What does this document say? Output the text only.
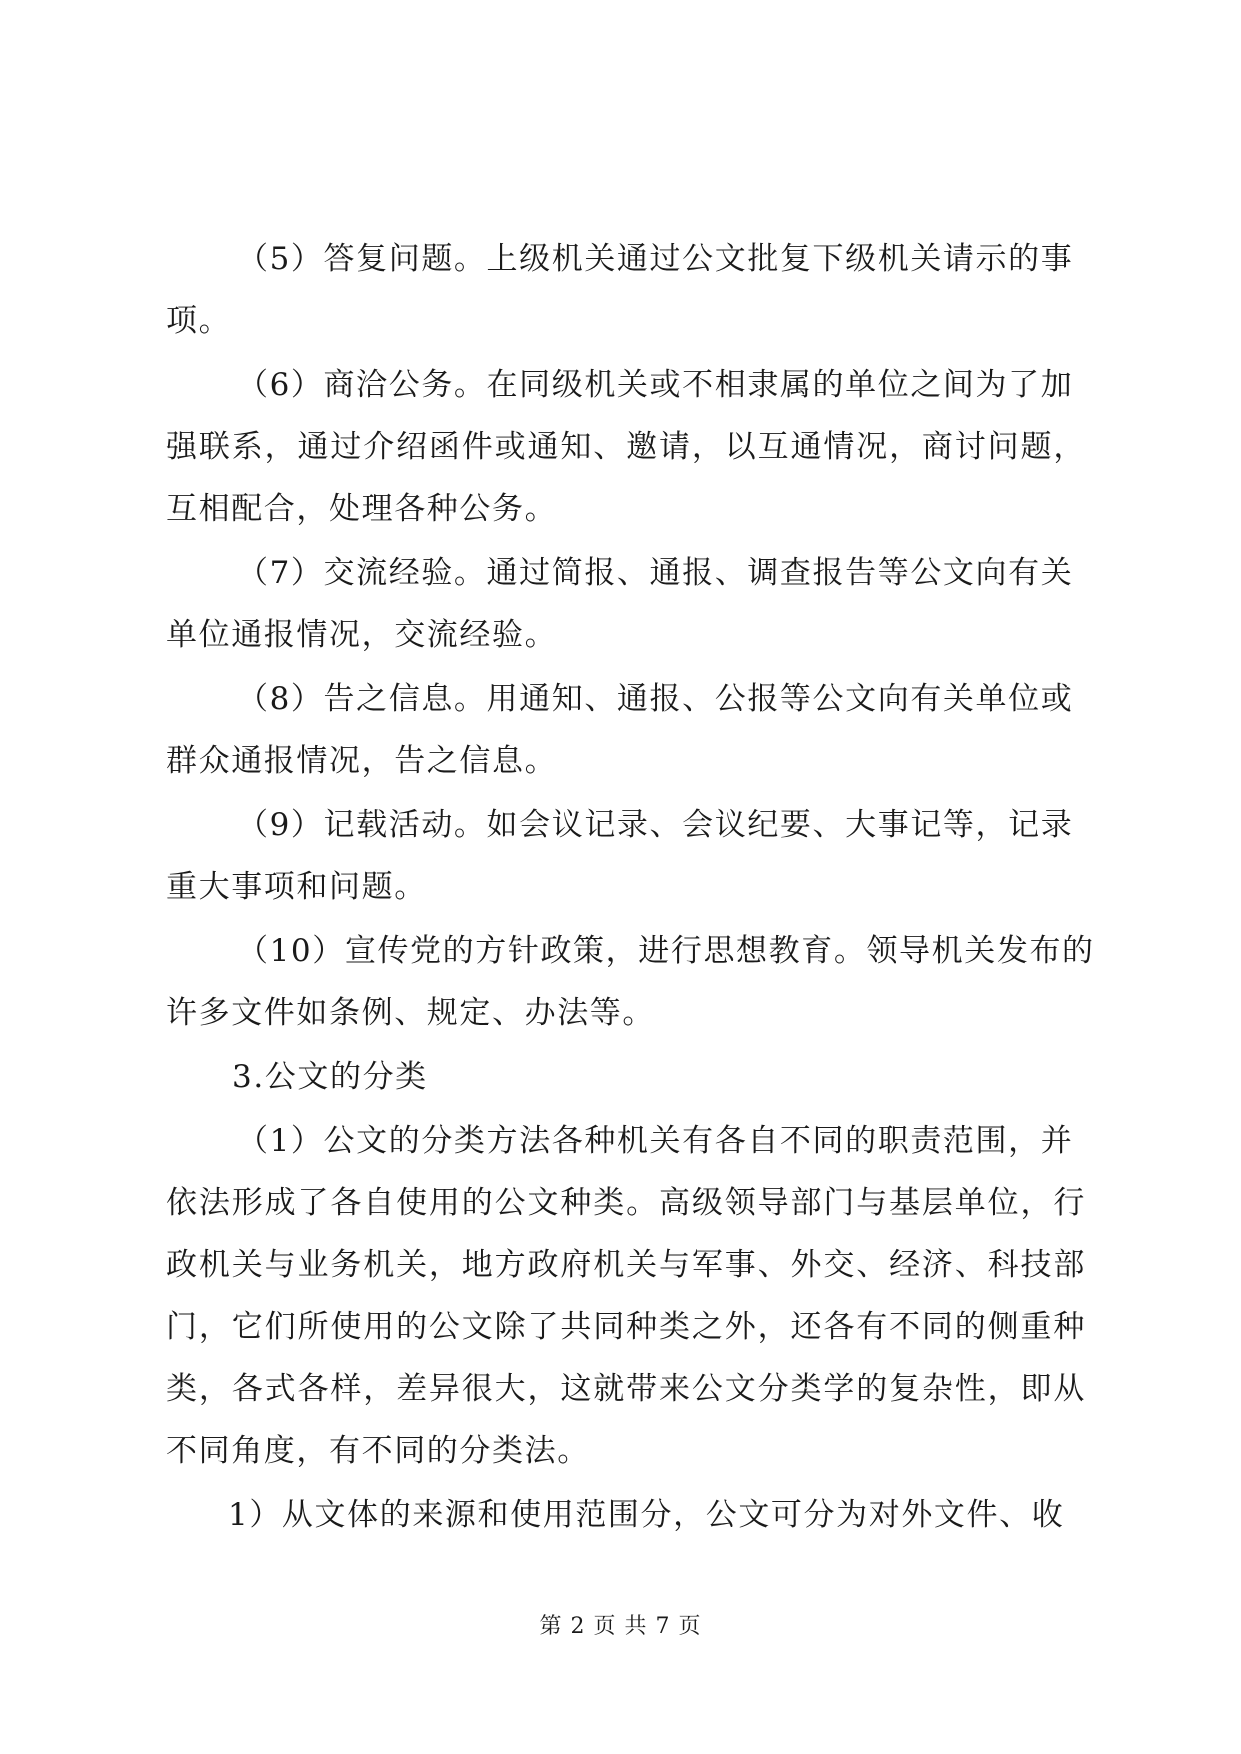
（5）答复问题。上级机关通过公文批复下级机关请示的事
项。
（6）商洽公务。在同级机关或不相隶属的单位之间为了加
强联系，通过介绍函件或通知、邀请，以互通情况，商讨问题，
互相配合，处理各种公务。
（7）交流经验。通过简报、通报、调查报告等公文向有关
单位通报情况，交流经验。
（8）告之信息。用通知、通报、公报等公文向有关单位或
群众通报情况，告之信息。
（9）记载活动。如会议记录、会议纪要、大事记等，记录
重大事项和问题。
（10）宣传党的方针政策，进行思想教育。领导机关发布的
许多文件如条例、规定、办法等。
3.公文的分类
（1）公文的分类方法各种机关有各自不同的职责范围，并
依法形成了各自使用的公文种类。高级领导部门与基层单位，行
政机关与业务机关，地方政府机关与军事、外交、经济、科技部
门，它们所使用的公文除了共同种类之外，还各有不同的侧重种
类，各式各样，差异很大，这就带来公文分类学的复杂性，即从
不同角度，有不同的分类法。
1）从文体的来源和使用范围分，公文可分为对外文件、收
第 2 页 共 7 页
